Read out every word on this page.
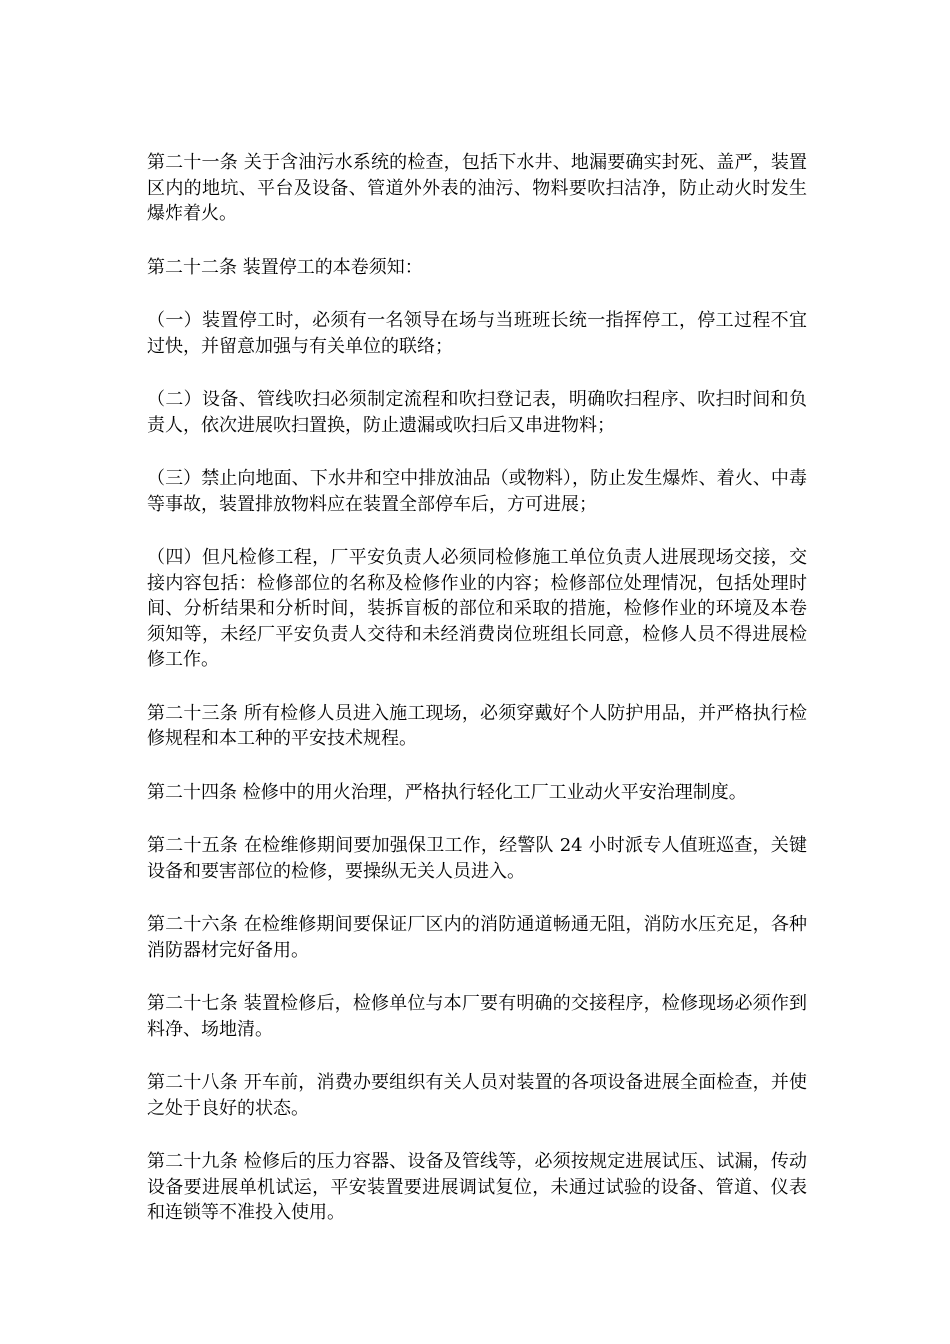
第二十一条 关于含油污水系统的检查，包括下水井、地漏要确实封死、盖严，装置区内的地坑、平台及设备、管道外外表的油污、物料要吹扫洁净，防止动火时发生爆炸着火。

第二十二条 装置停工的本卷须知：

（一）装置停工时，必须有一名领导在场与当班班长统一指挥停工，停工过程不宜过快，并留意加强与有关单位的联络；

（二）设备、管线吹扫必须制定流程和吹扫登记表，明确吹扫程序、吹扫时间和负责人，依次进展吹扫置换，防止遗漏或吹扫后又串进物料；

（三）禁止向地面、下水井和空中排放油品（或物料），防止发生爆炸、着火、中毒等事故，装置排放物料应在装置全部停车后，方可进展；

（四）但凡检修工程，厂平安负责人必须同检修施工单位负责人进展现场交接，交接内容包括：检修部位的名称及检修作业的内容；检修部位处理情况，包括处理时间、分析结果和分析时间，装拆盲板的部位和采取的措施，检修作业的环境及本卷须知等，未经厂平安负责人交待和未经消费岗位班组长同意，检修人员不得进展检修工作。

第二十三条 所有检修人员进入施工现场，必须穿戴好个人防护用品，并严格执行检修规程和本工种的平安技术规程。

第二十四条 检修中的用火治理，严格执行轻化工厂工业动火平安治理制度。

第二十五条 在检维修期间要加强保卫工作，经警队 24 小时派专人值班巡查，关键设备和要害部位的检修，要操纵无关人员进入。

第二十六条 在检维修期间要保证厂区内的消防通道畅通无阻，消防水压充足，各种消防器材完好备用。

第二十七条 装置检修后，检修单位与本厂要有明确的交接程序，检修现场必须作到料净、场地清。

第二十八条 开车前，消费办要组织有关人员对装置的各项设备进展全面检查，并使之处于良好的状态。

第二十九条 检修后的压力容器、设备及管线等，必须按规定进展试压、试漏，传动设备要进展单机试运，平安装置要进展调试复位，未通过试验的设备、管道、仪表和连锁等不准投入使用。
